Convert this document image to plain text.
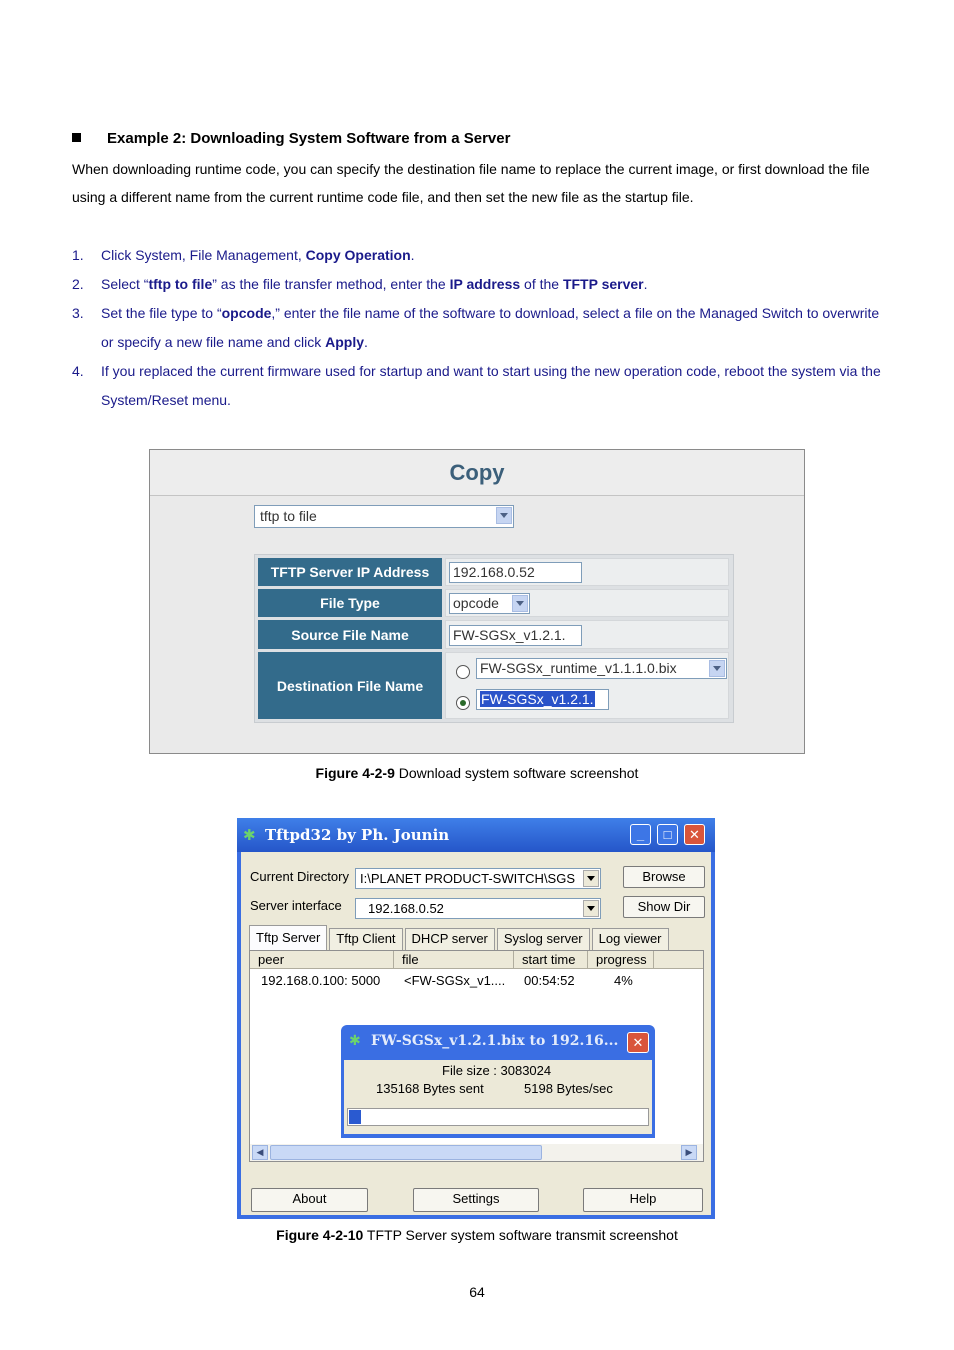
Example 2: Downloading System Software from a Server
When downloading runtime code, you can specify the destination file name to replace the current image, or first download the file using a different name from the current runtime code file, and then set the new file as the startup file.
1.	Click System, File Management, Copy Operation.
2.	Select “tftp to file” as the file transfer method, enter the IP address of the TFTP server.
3.	Set the file type to “opcode,” enter the file name of the software to download, select a file on the Managed Switch to overwrite or specify a new file name and click Apply.
4.	If you replaced the current firmware used for startup and want to start using the new operation code, reboot the system via the System/Reset menu.
Copy
tftp to file
TFTP Server IP Address	192.168.0.52
File Type	opcode
Source File Name	FW-SGSx_v1.2.1.
Destination File Name
FW-SGSx_runtime_v1.1.1.0.bix
FW-SGSx_v1.2.1.
Figure 4-2-9 Download system software screenshot
✱ Tftpd32 by Ph. Jounin	_	□	✕
Current Directory I:\PLANET PRODUCT-SWITCH\SGS	Browse
Server interface	192.168.0.52	Show Dir
Tftp Server	Tftp Client	DHCP server	Syslog server	Log viewer
peer	file	start time	progress
192.168.0.100: 5000 <FW-SGSx_v1.... 00:54:52	4%
◀	▶
✱ FW-SGSx_v1.2.1.bix to 192.16...	✕
File size : 3083024
135168 Bytes sent	5198 Bytes/sec
About	Settings	Help
Figure 4-2-10 TFTP Server system software transmit screenshot
64
